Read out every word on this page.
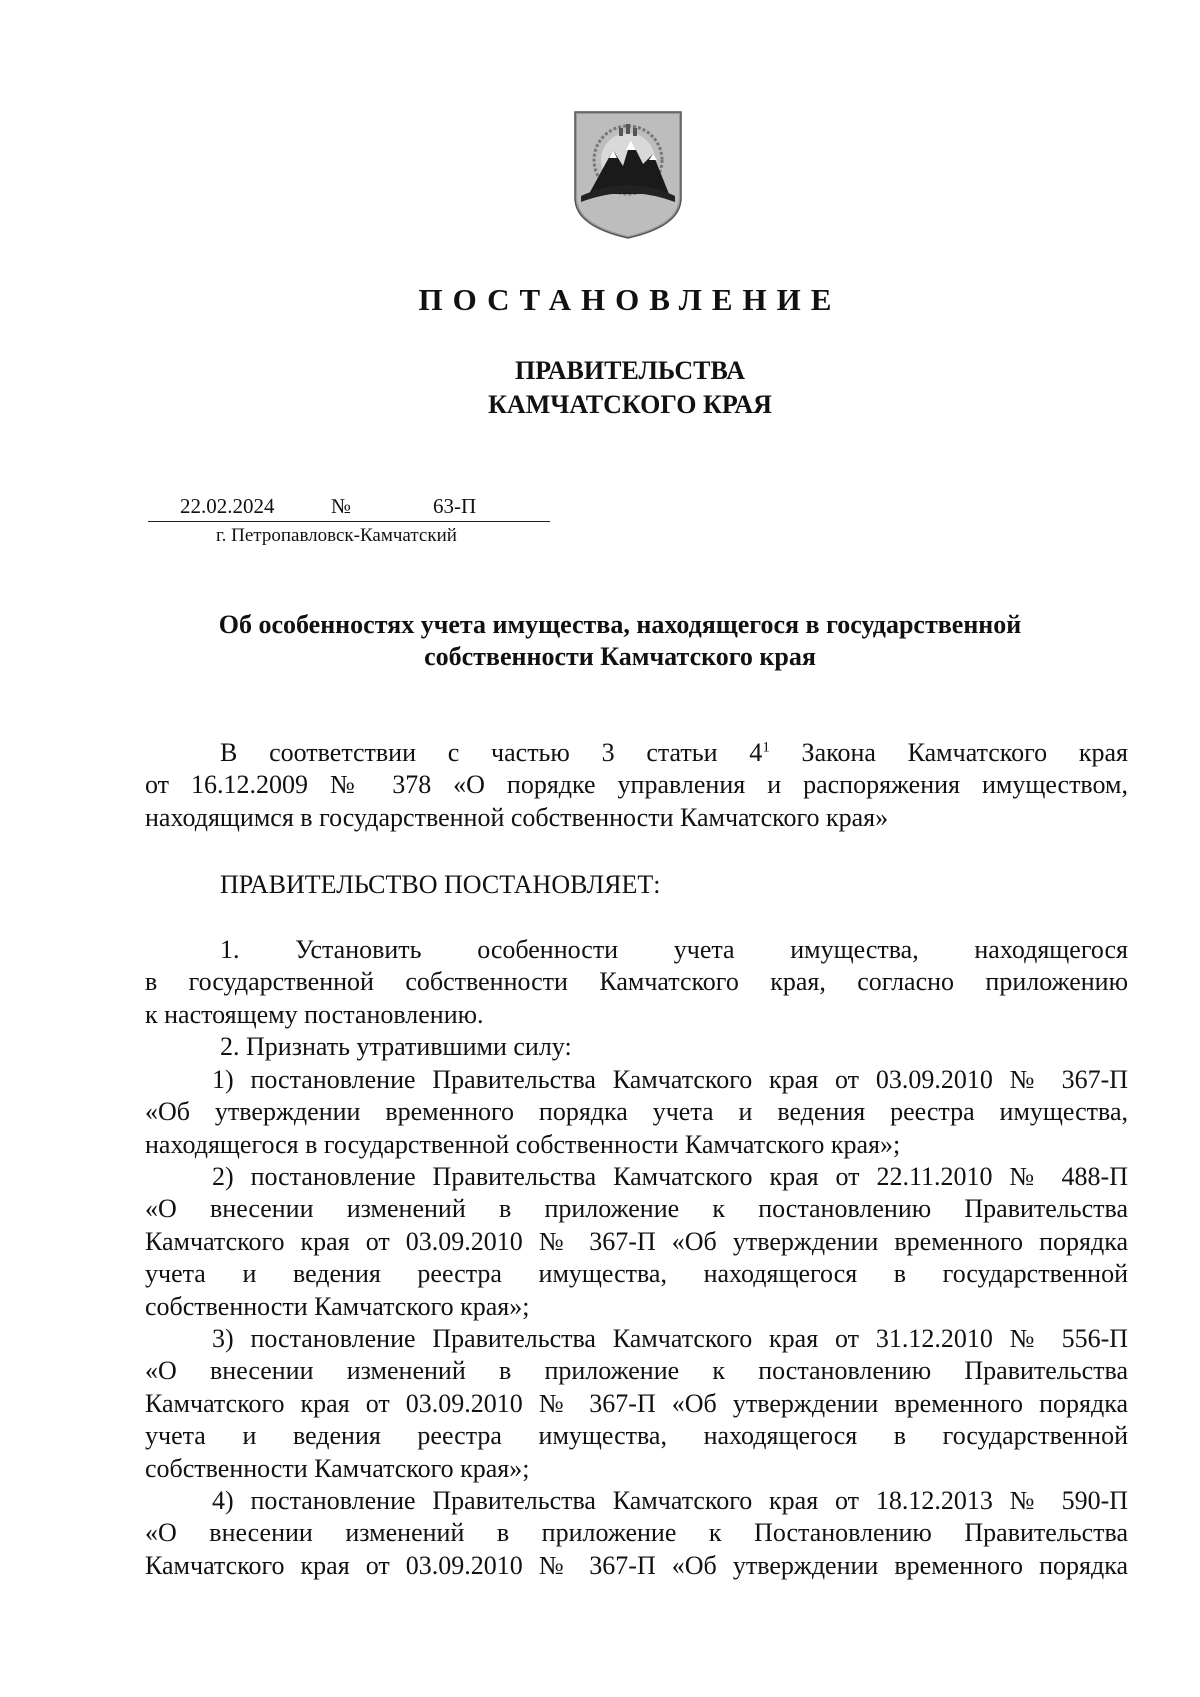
ПОСТАНОВЛЕНИЕ
ПРАВИТЕЛЬСТВА
КАМЧАТСКОГО КРАЯ
22.02.2024	№	63-П
г. Петропавловск-Камчатский
Об особенностях учета имущества, находящегося в государственной
собственности Камчатского края
В соответствии с частью 3 статьи $4^1$ Закона Камчатского края
от 16.12.2009 № 378 «О порядке управления и распоряжения имуществом,
находящимся в государственной собственности Камчатского края»
ПРАВИТЕЛЬСТВО ПОСТАНОВЛЯЕТ:
1. Установить особенности учета имущества, находящегося
в государственной собственности Камчатского края, согласно приложению
к настоящему постановлению.
2. Признать утратившими силу:
1) постановление Правительства Камчатского края от 03.09.2010 № 367-П
«Об утверждении временного порядка учета и ведения реестра имущества,
находящегося в государственной собственности Камчатского края»;
2) постановление Правительства Камчатского края от 22.11.2010 № 488-П
«О внесении изменений в приложение к постановлению Правительства
Камчатского края от 03.09.2010 № 367-П «Об утверждении временного порядка
учета и ведения реестра имущества, находящегося в государственной
собственности Камчатского края»;
3) постановление Правительства Камчатского края от 31.12.2010 № 556-П
«О внесении изменений в приложение к постановлению Правительства
Камчатского края от 03.09.2010 № 367-П «Об утверждении временного порядка
учета и ведения реестра имущества, находящегося в государственной
собственности Камчатского края»;
4) постановление Правительства Камчатского края от 18.12.2013 № 590-П
«О внесении изменений в приложение к Постановлению Правительства
Камчатского края от 03.09.2010 № 367-П «Об утверждении временного порядка
